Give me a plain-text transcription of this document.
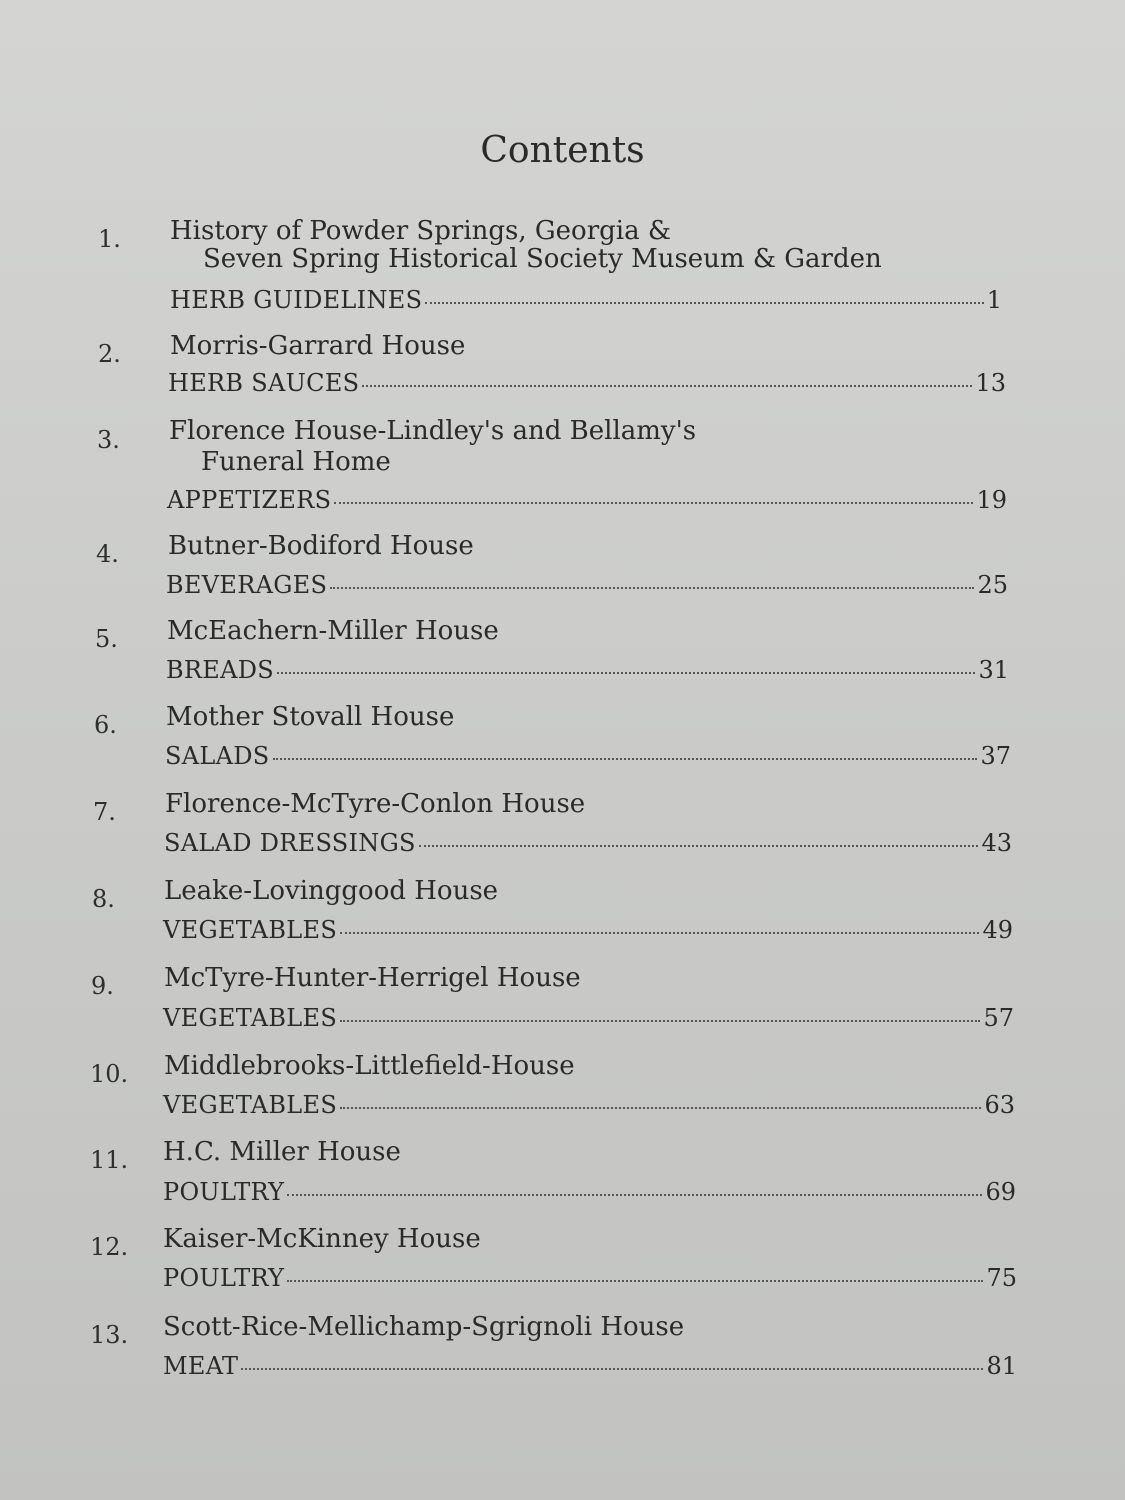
Contents
1.	History of Powder Springs, Georgia &
Seven Spring Historical Society Museum & Garden
HERB GUIDELINES	1
2.	Morris-Garrard House
HERB SAUCES	13
3.	Florence House-Lindley's and Bellamy's
Funeral Home
APPETIZERS	19
4.	Butner-Bodiford House
BEVERAGES	25
5.	McEachern-Miller House
BREADS	31
6.	Mother Stovall House
SALADS	37
7.	Florence-McTyre-Conlon House
SALAD DRESSINGS	43
8.	Leake-Lovinggood House
VEGETABLES	49
9.	McTyre-Hunter-Herrigel House
VEGETABLES	57
10.	Middlebrooks-Littlefield-House
VEGETABLES	63
11.	H.C. Miller House
POULTRY	69
12.	Kaiser-McKinney House
POULTRY	75
13.	Scott-Rice-Mellichamp-Sgrignoli House
MEAT	81
